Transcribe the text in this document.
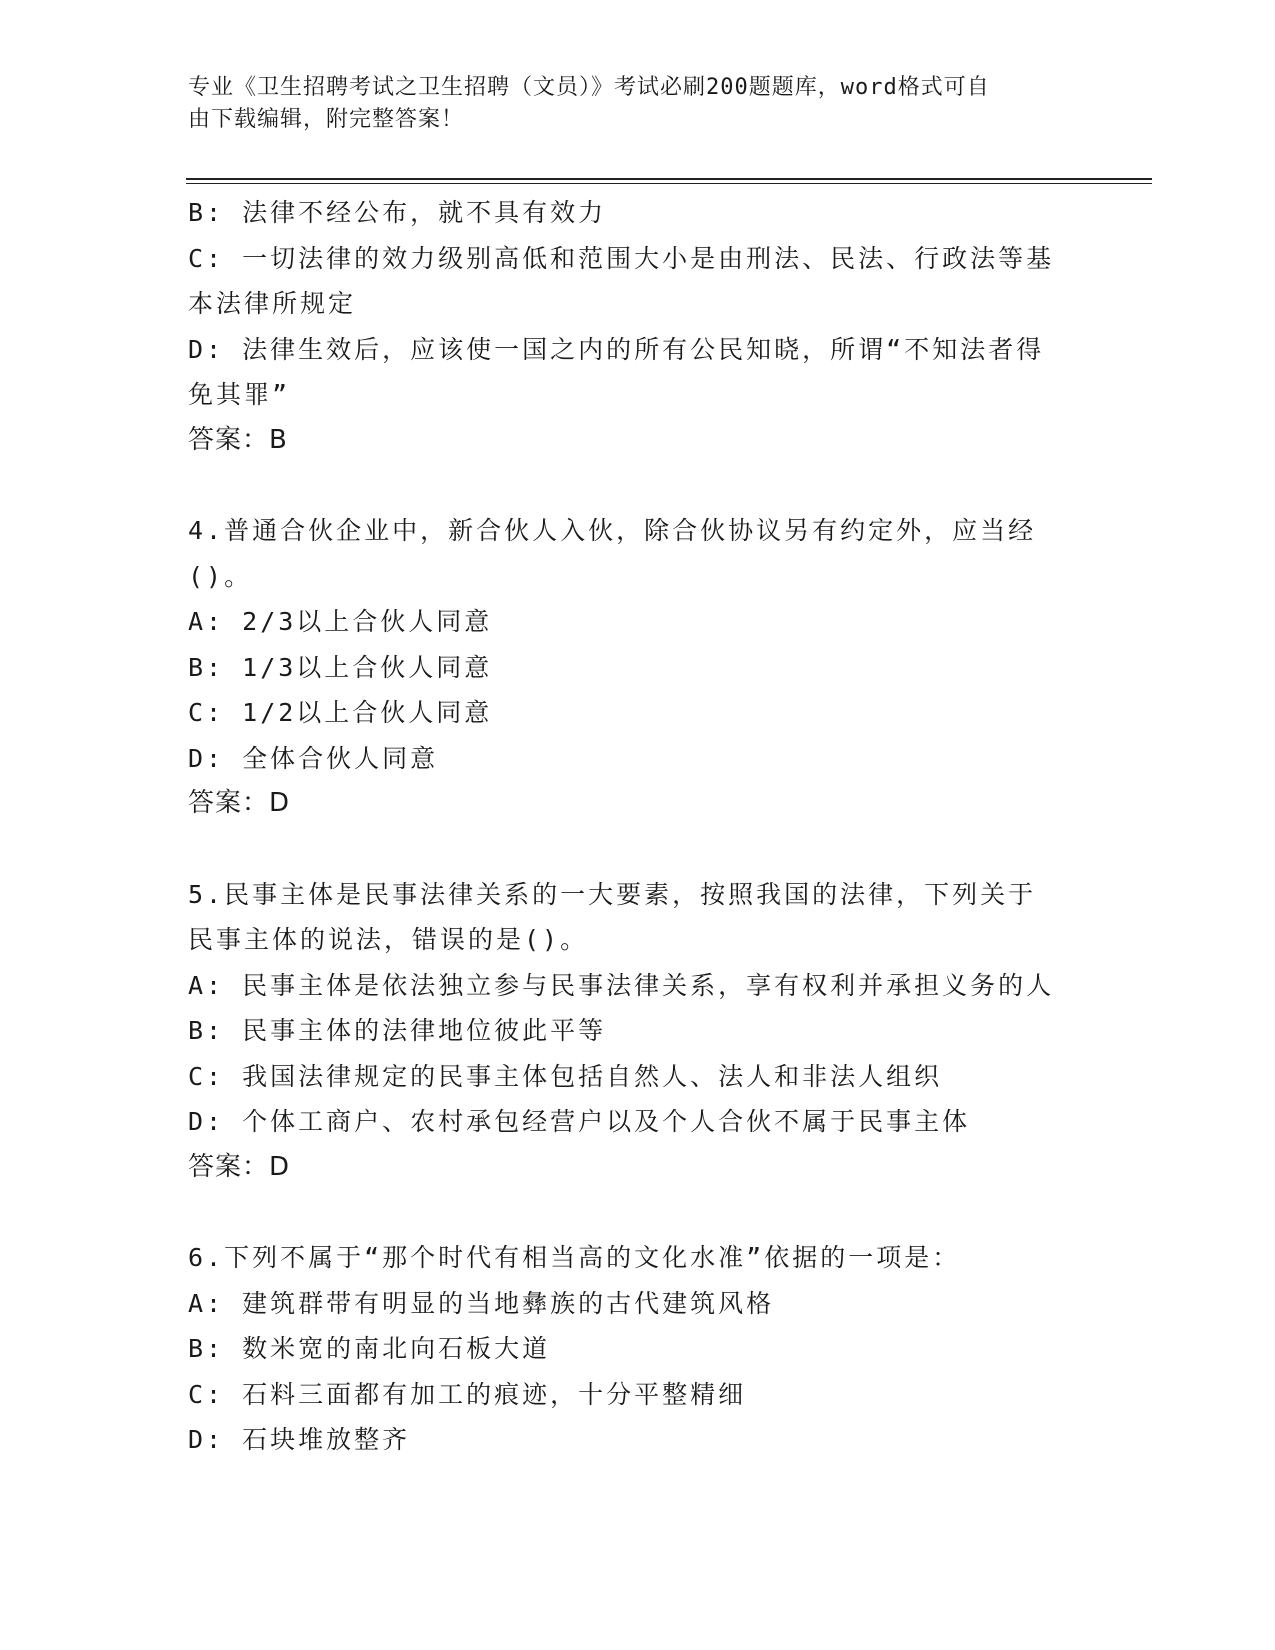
专业《卫生招聘考试之卫生招聘（文员）》考试必刷200题题库，word格式可自
由下载编辑，附完整答案！
B: 法律不经公布，就不具有效力
C: 一切法律的效力级别高低和范围大小是由刑法、民法、行政法等基
本法律所规定
D: 法律生效后，应该使一国之内的所有公民知晓，所谓“不知法者得
免其罪”
答案：B
4.普通合伙企业中，新合伙人入伙，除合伙协议另有约定外，应当经
()。
A: 2/3以上合伙人同意
B: 1/3以上合伙人同意
C: 1/2以上合伙人同意
D: 全体合伙人同意
答案：D
5.民事主体是民事法律关系的一大要素，按照我国的法律，下列关于
民事主体的说法，错误的是()。
A: 民事主体是依法独立参与民事法律关系，享有权利并承担义务的人
B: 民事主体的法律地位彼此平等
C: 我国法律规定的民事主体包括自然人、法人和非法人组织
D: 个体工商户、农村承包经营户以及个人合伙不属于民事主体
答案：D
6.下列不属于“那个时代有相当高的文化水准”依据的一项是：
A: 建筑群带有明显的当地彝族的古代建筑风格
B: 数米宽的南北向石板大道
C: 石料三面都有加工的痕迹，十分平整精细
D: 石块堆放整齐
